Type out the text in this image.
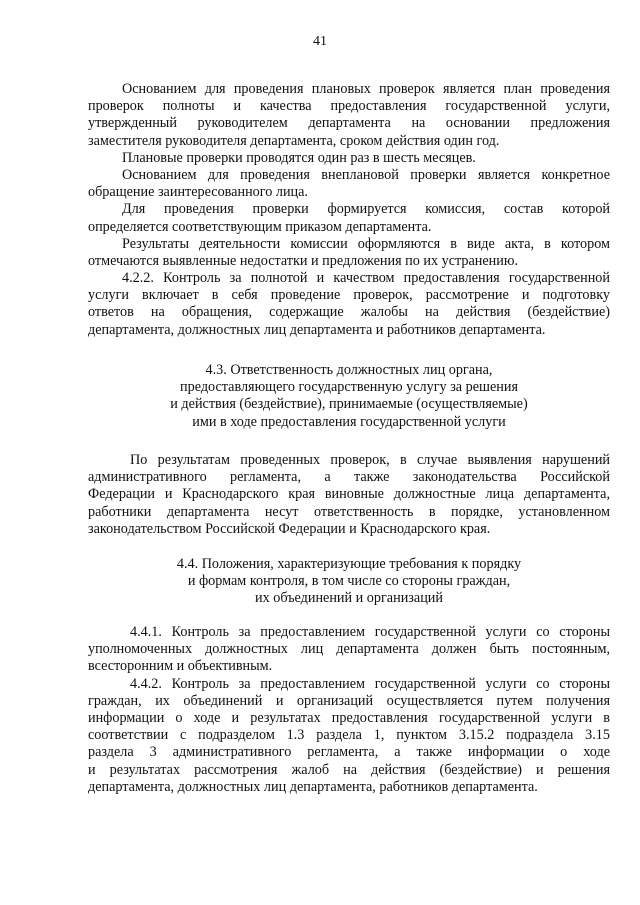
41
Основанием для проведения плановых проверок является план проведения
проверок полноты и качества предоставления государственной услуги,
утвержденный руководителем департамента на основании предложения
заместителя руководителя департамента, сроком действия один год.
Плановые проверки проводятся один раз в шесть месяцев.
Основанием для проведения внеплановой проверки является конкретное
обращение заинтересованного лица.
Для проведения проверки формируется комиссия, состав которой
определяется соответствующим приказом департамента.
Результаты деятельности комиссии оформляются в виде акта, в котором
отмечаются выявленные недостатки и предложения по их устранению.
4.2.2. Контроль за полнотой и качеством предоставления государственной
услуги включает в себя проведение проверок, рассмотрение и подготовку
ответов на обращения, содержащие жалобы на действия (бездействие)
департамента, должностных лиц департамента и работников департамента.
4.3. Ответственность должностных лиц органа,
предоставляющего государственную услугу за решения
и действия (бездействие), принимаемые (осуществляемые)
ими в ходе предоставления государственной услуги
По результатам проведенных проверок, в случае выявления нарушений
административного регламента, а также законодательства Российской
Федерации и Краснодарского края виновные должностные лица департамента,
работники департамента несут ответственность в порядке, установленном
законодательством Российской Федерации и Краснодарского края.
4.4. Положения, характеризующие требования к порядку
и формам контроля, в том числе со стороны граждан,
их объединений и организаций
4.4.1. Контроль за предоставлением государственной услуги со стороны
уполномоченных должностных лиц департамента должен быть постоянным,
всесторонним и объективным.
4.4.2. Контроль за предоставлением государственной услуги со стороны
граждан, их объединений и организаций осуществляется путем получения
информации о ходе и результатах предоставления государственной услуги в
соответствии с подразделом 1.3 раздела 1, пунктом 3.15.2 подраздела 3.15
раздела 3 административного регламента, а также информации о ходе
и результатах рассмотрения жалоб на действия (бездействие) и решения
департамента, должностных лиц департамента, работников департамента.
